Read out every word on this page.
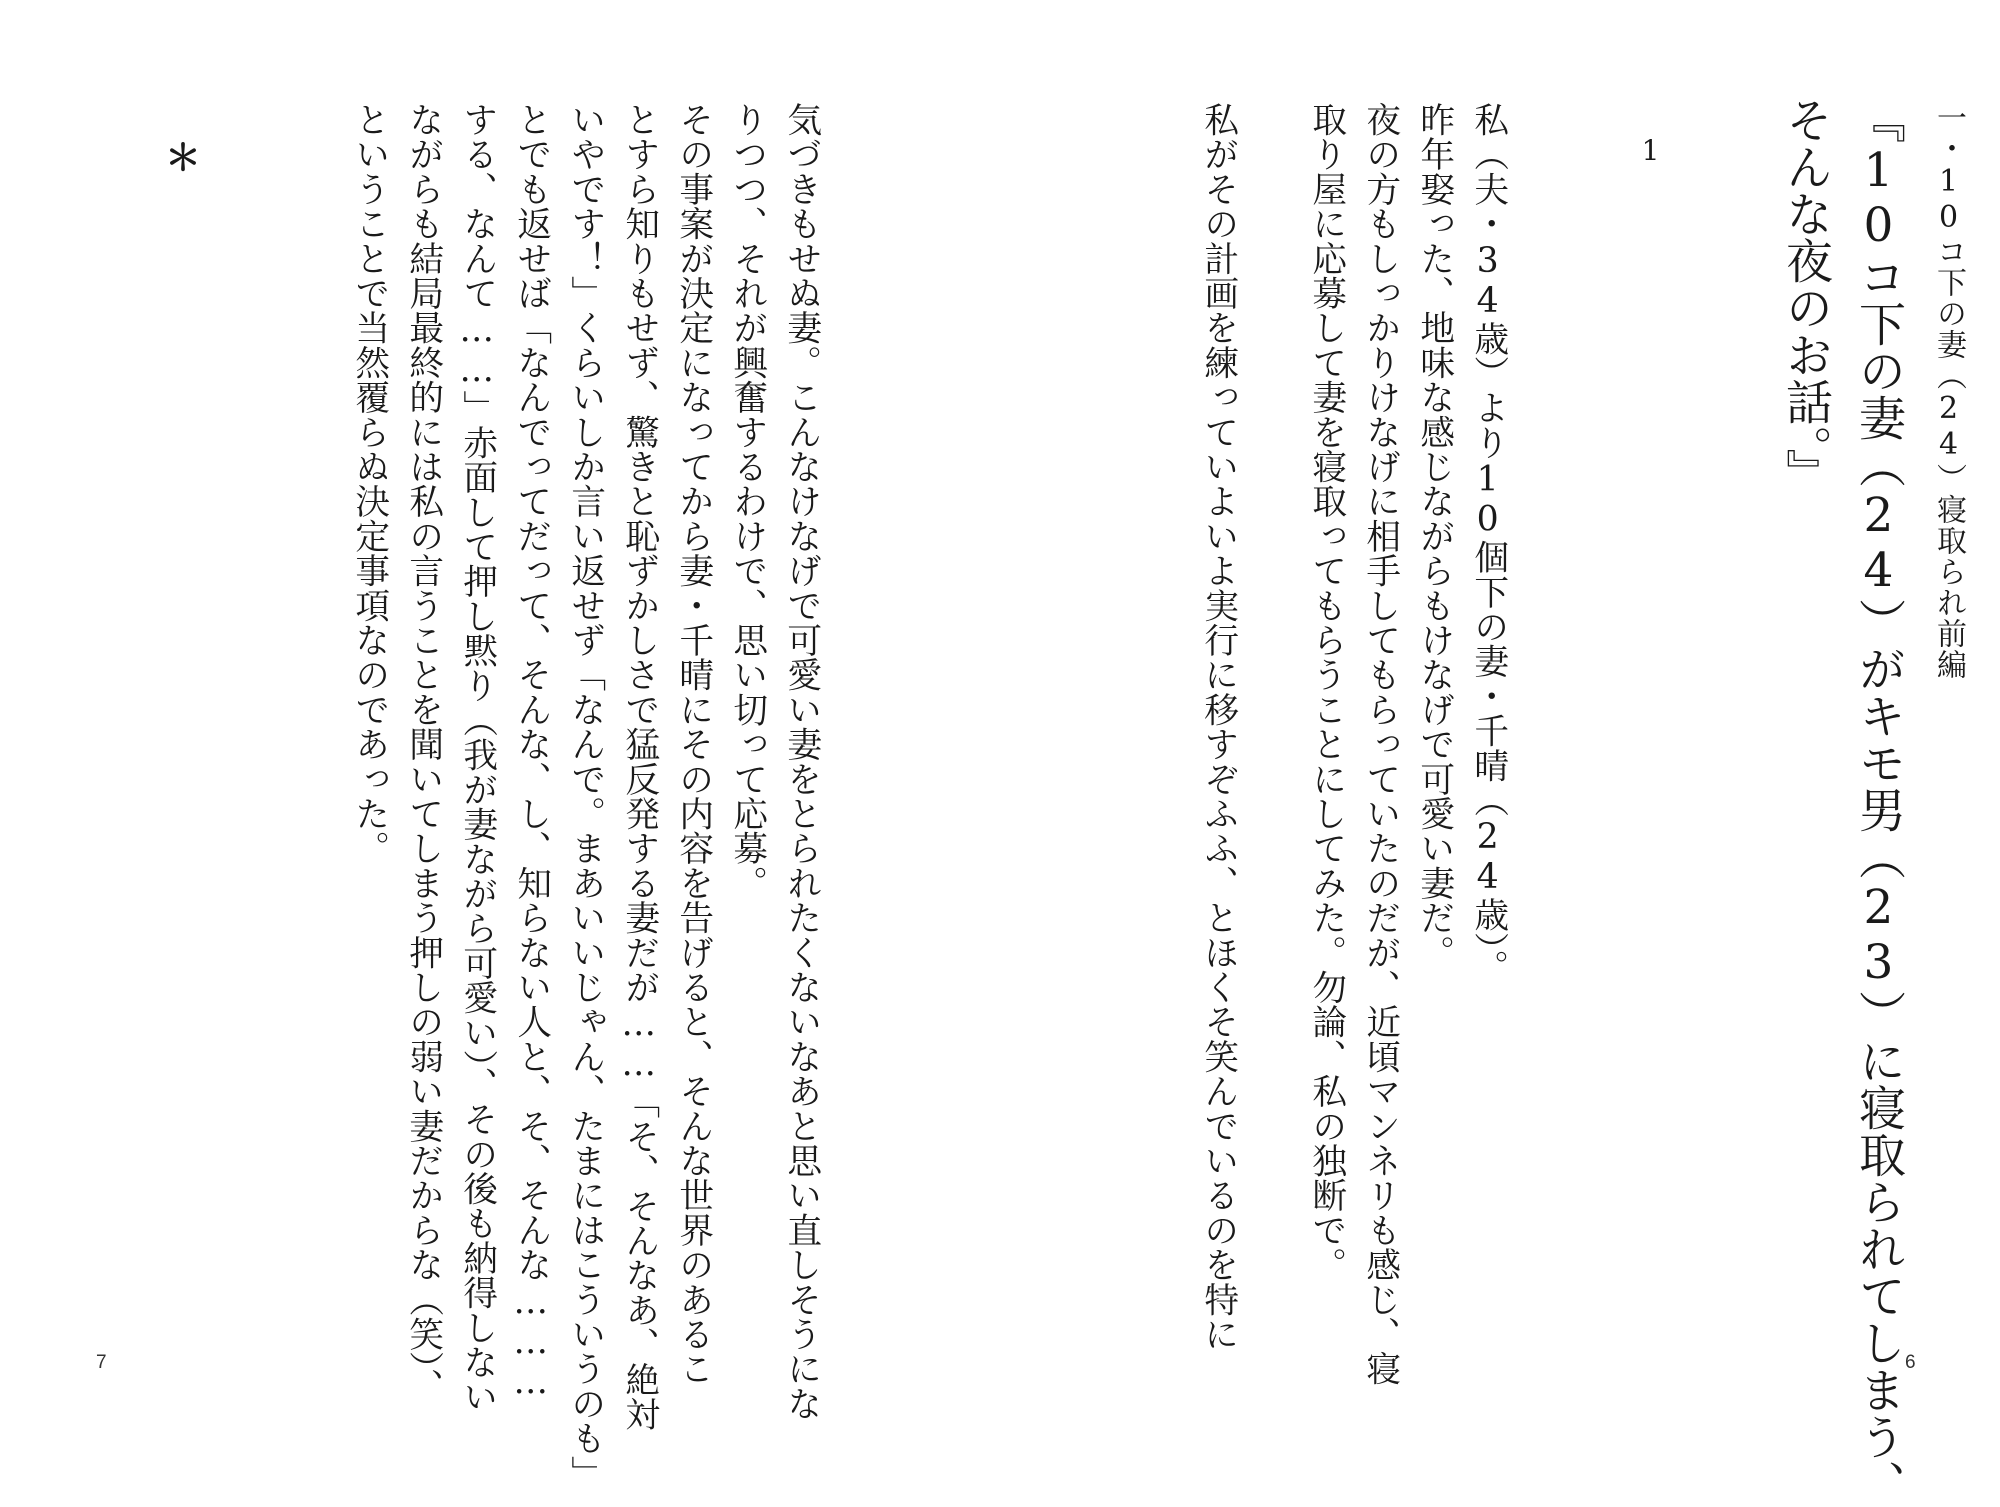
一・10コ下の妻（24）寝取られ前編
『10コ下の妻（24）がキモ男（23）に寝取られてしまう、
そんな夜のお話。』
1
私（夫・34歳）より10個下の妻・千晴（24歳）。
昨年娶った、地味な感じながらもけなげで可愛い妻だ。
夜の方もしっかりけなげに相手してもらっていたのだが、近頃マンネリも感じ、寝
取り屋に応募して妻を寝取ってもらうことにしてみた。勿論、私の独断で。
私がその計画を練っていよいよ実行に移すぞふふ、とほくそ笑んでいるのを特に
6
気づきもせぬ妻。こんなけなげで可愛い妻をとられたくないなあと思い直しそうにな
りつつ、それが興奮するわけで、思い切って応募。
その事案が決定になってから妻・千晴にその内容を告げると、そんな世界のあるこ
とすら知りもせず、驚きと恥ずかしさで猛反発する妻だが……「そ、そんなあ、絶対
いやです！」くらいしか言い返せず「なんで。まあいいじゃん、たまにはこういうのも」
とでも返せば「なんでってだって、そんな、し、知らない人と、そ、そんな………
する、なんて……」赤面して押し黙り（我が妻ながら可愛い）、その後も納得しない
ながらも結局最終的には私の言うことを聞いてしまう押しの弱い妻だからな（笑）、
ということで当然覆らぬ決定事項なのであった。
＊
7
